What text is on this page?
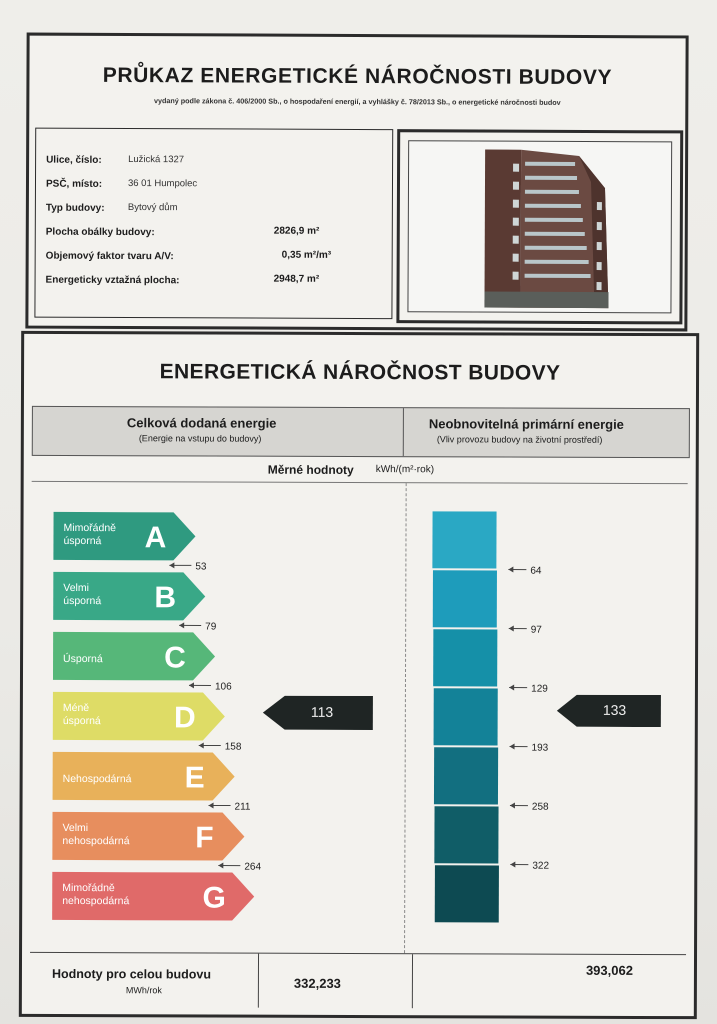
PRŮKAZ ENERGETICKÉ NÁROČNOSTI BUDOVY
vydaný podle zákona č. 406/2000 Sb., o hospodaření energií, a vyhlášky č. 78/2013 Sb., o energetické náročnosti budov
Ulice, číslo:	Lužická 1327
PSČ, místo:	36 01 Humpolec
Typ budovy: Bytový dům
Plocha obálky budovy:	2826,9 m²
Objemový faktor tvaru A/V:	0,35 m²/m³
Energeticky vztažná plocha:	2948,7 m²
ENERGETICKÁ NÁROČNOST BUDOVY
Celková dodaná energie
(Energie na vstupu do budovy)
Neobnovitelná primární energie
(Vliv provozu budovy na životní prostředí)
Měrné hodnoty kWh/(m²·rok)
Mimořádně
úsporná A
53
Velmi
úsporná B
79
Úsporná C
106
Méně
úsporná D
158
Nehospodárná E
211
Velmi
nehospodárná F
264
Mimořádně
nehospodárná G
113
64
97
129
193
258
322
133
Hodnoty pro celou budovu
MWh/rok	332,233
393,062
